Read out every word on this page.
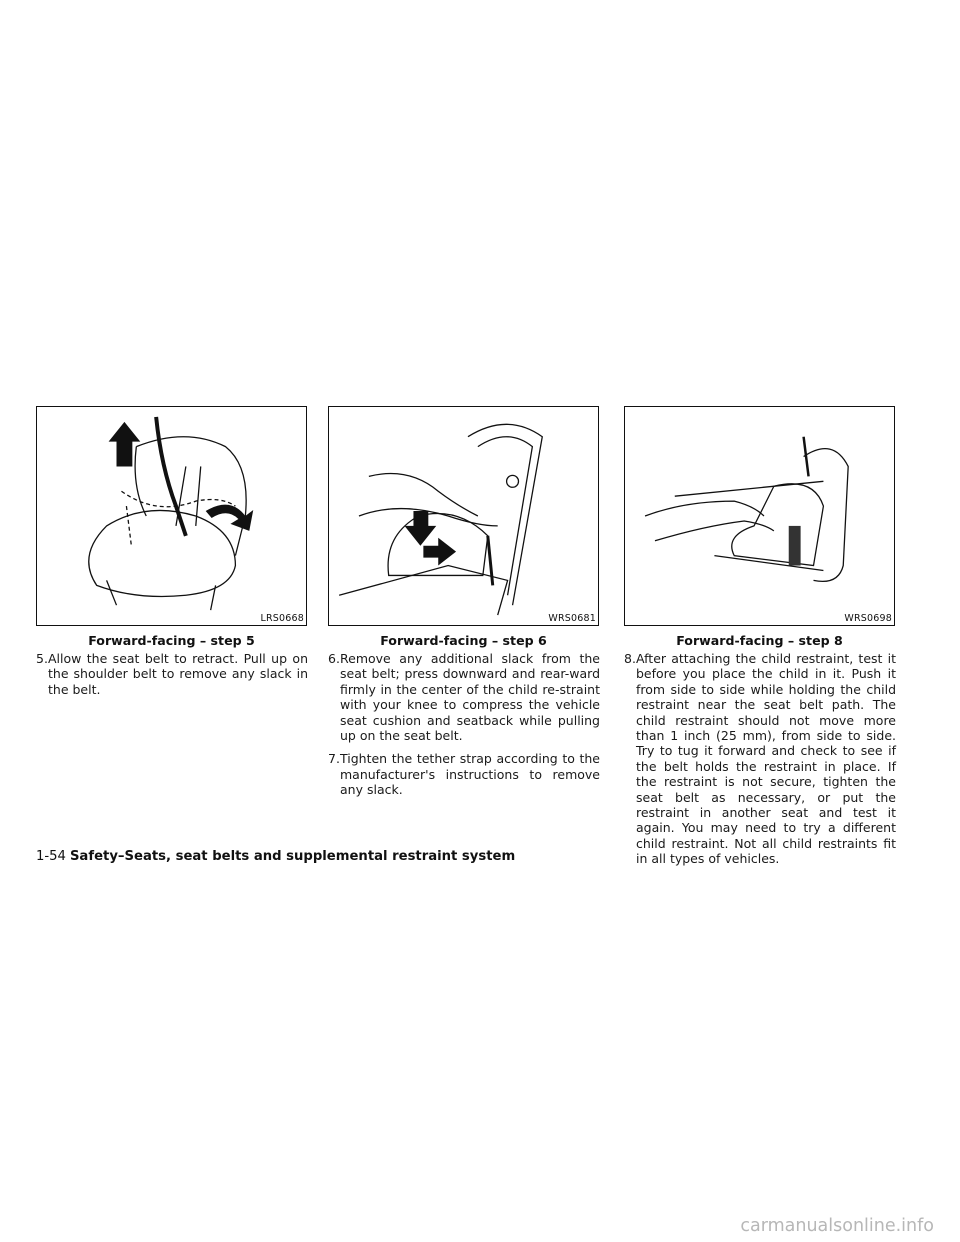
LRS0668	WRS0681	WRS0698
Forward-facing – step 5	Forward-facing – step 6	Forward-facing – step 8

5.Allow the seat belt to retract. Pull up on the shoulder belt to remove any slack in the belt.

6.Remove any additional slack from the seat belt; press downward and rear-ward firmly in the center of the child re-straint with your knee to compress the vehicle seat cushion and seatback while pulling up on the seat belt.

7.Tighten the tether strap according to the manufacturer's instructions to remove any slack.

8.After attaching the child restraint, test it before you place the child in it. Push it from side to side while holding the child restraint near the seat belt path. The child restraint should not move more than 1 inch (25 mm), from side to side. Try to tug it forward and check to see if the belt holds the restraint in place. If the restraint is not secure, tighten the seat belt as necessary, or put the restraint in another seat and test it again. You may need to try a different child restraint. Not all child restraints fit in all types of vehicles.

1-54 Safety–Seats, seat belts and supplemental restraint system
carmanualsonline.info
